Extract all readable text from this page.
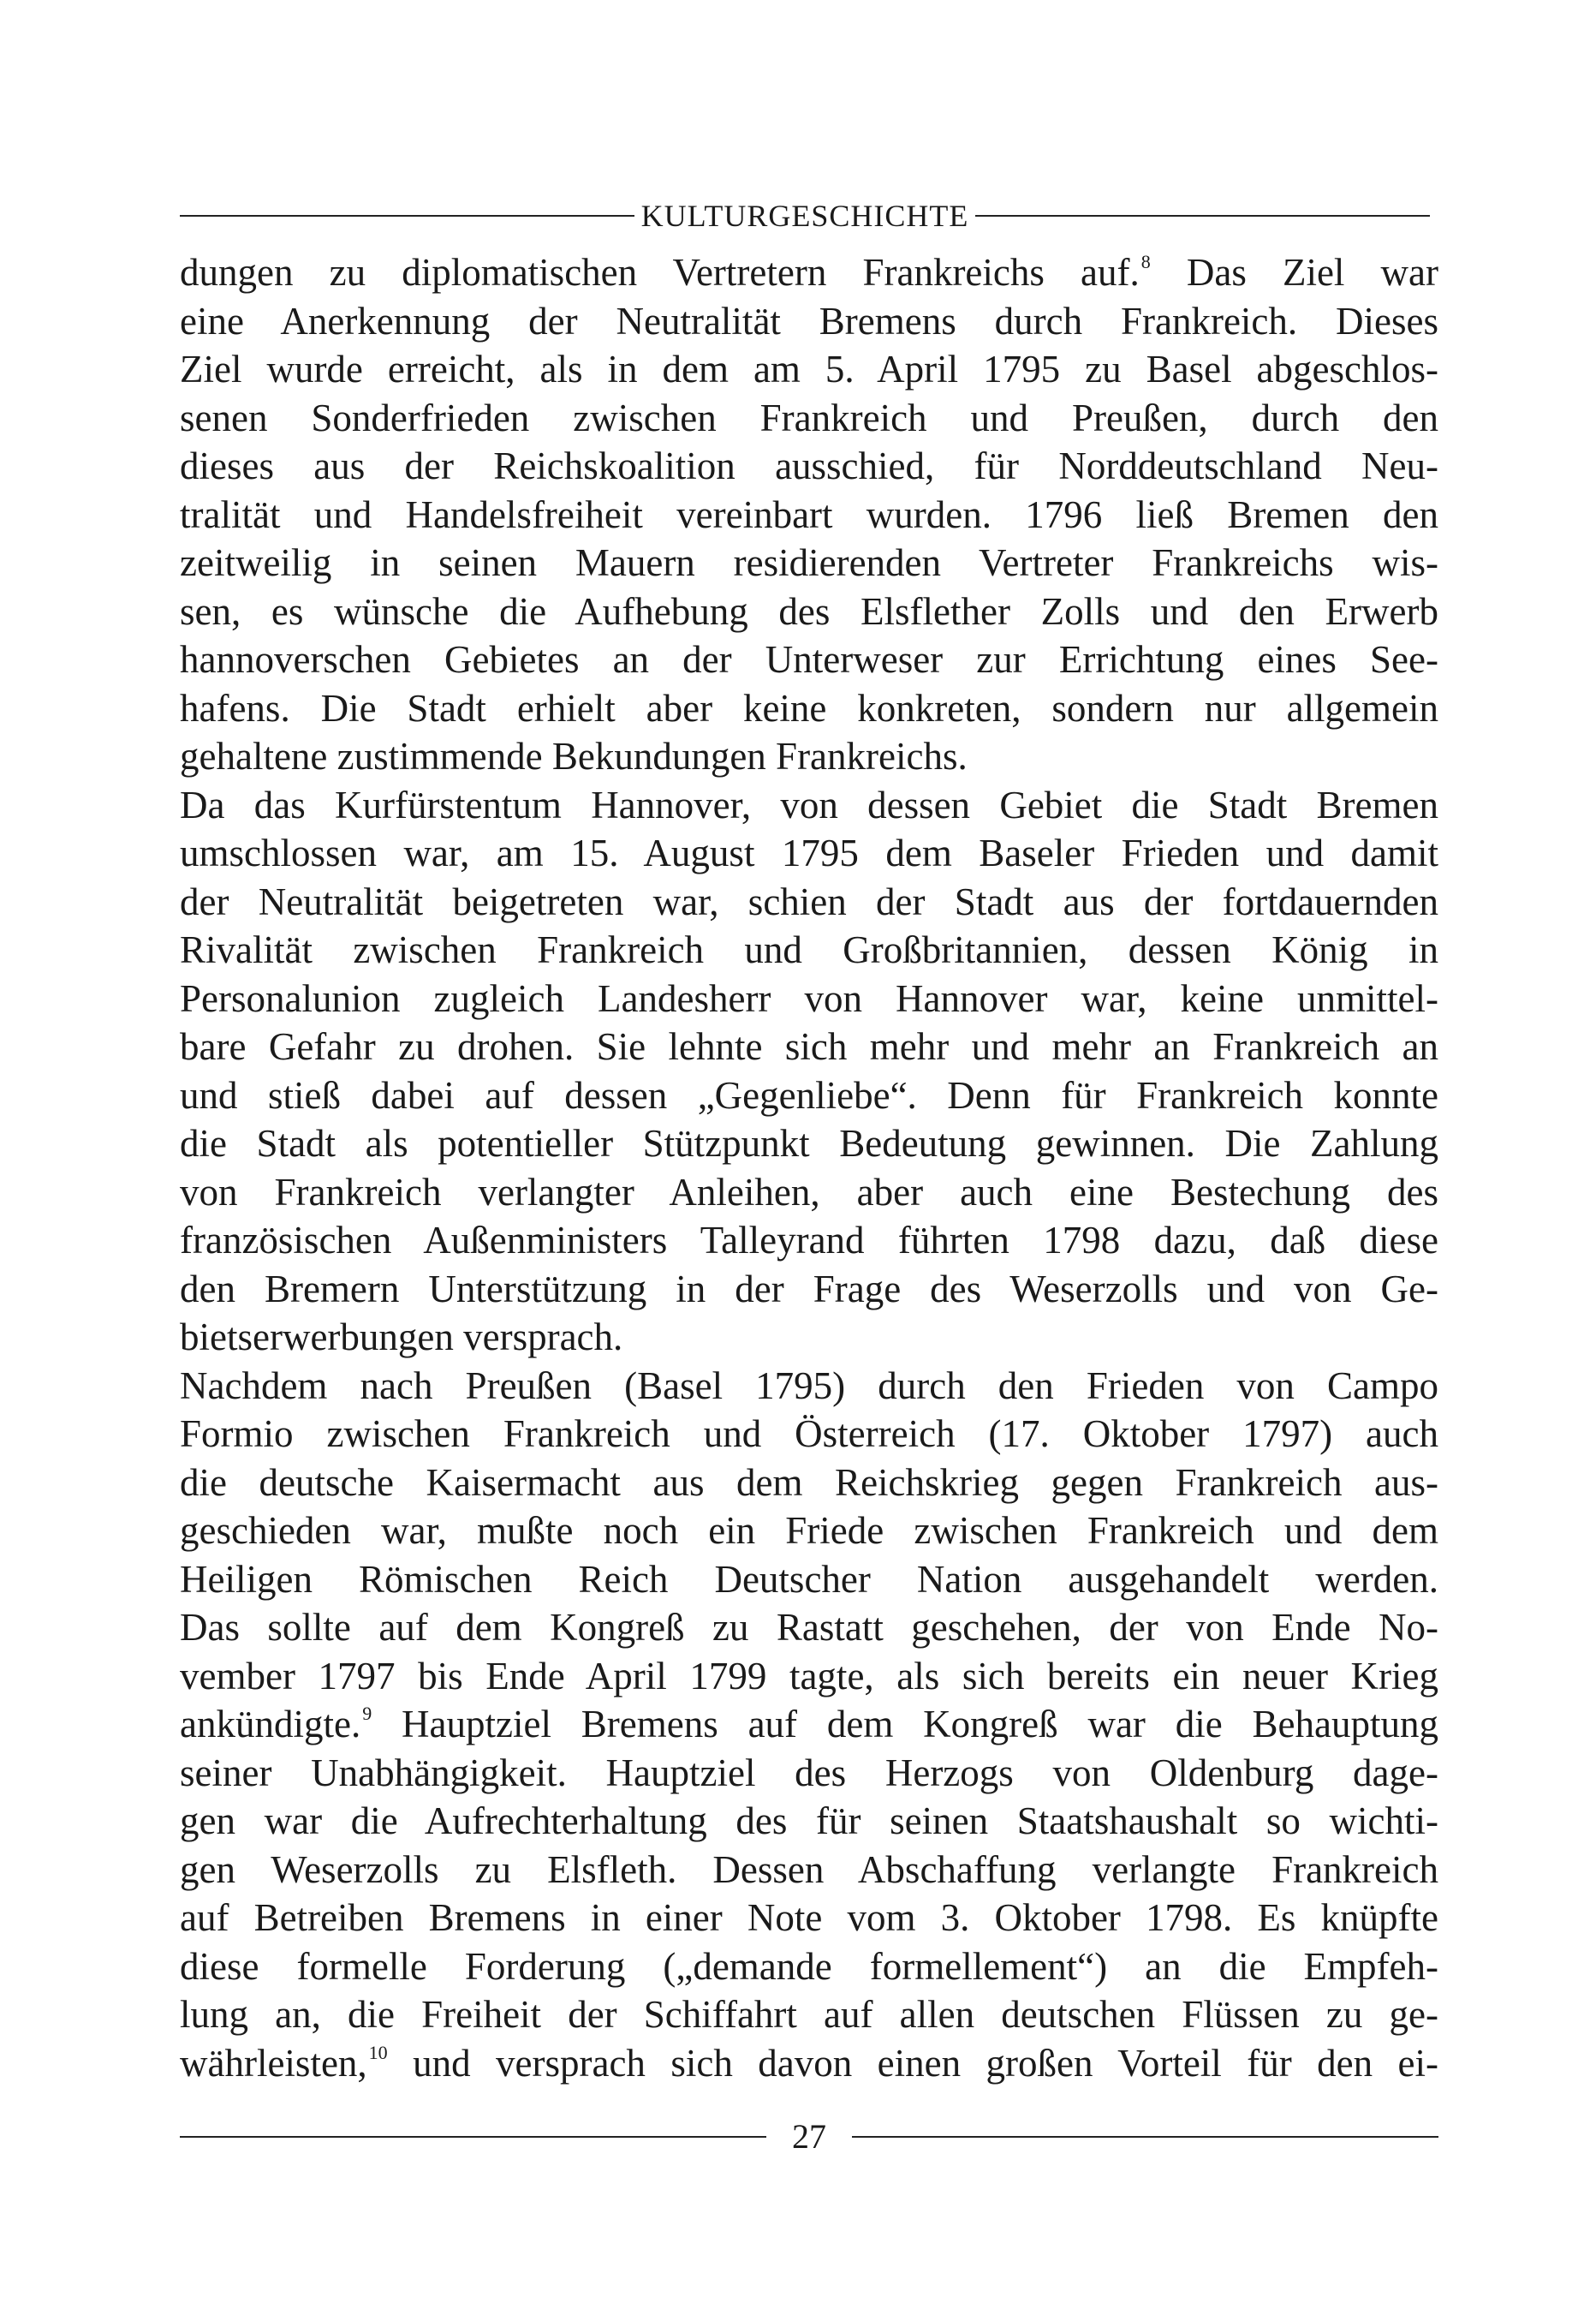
KULTURGESCHICHTE
dungen zu diplomatischen Vertretern Frankreichs auf.$^8$ Das Ziel war
eine Anerkennung der Neutralität Bremens durch Frankreich. Dieses
Ziel wurde erreicht, als in dem am 5. April 1795 zu Basel abgeschlos-
senen Sonderfrieden zwischen Frankreich und Preußen, durch den
dieses aus der Reichskoalition ausschied, für Norddeutschland Neu-
tralität und Handelsfreiheit vereinbart wurden. 1796 ließ Bremen den
zeitweilig in seinen Mauern residierenden Vertreter Frankreichs wis-
sen, es wünsche die Aufhebung des Elsflether Zolls und den Erwerb
hannoverschen Gebietes an der Unterweser zur Errichtung eines See-
hafens. Die Stadt erhielt aber keine konkreten, sondern nur allgemein
gehaltene zustimmende Bekundungen Frankreichs.
Da das Kurfürstentum Hannover, von dessen Gebiet die Stadt Bremen
umschlossen war, am 15. August 1795 dem Baseler Frieden und damit
der Neutralität beigetreten war, schien der Stadt aus der fortdauernden
Rivalität zwischen Frankreich und Großbritannien, dessen König in
Personalunion zugleich Landesherr von Hannover war, keine unmittel-
bare Gefahr zu drohen. Sie lehnte sich mehr und mehr an Frankreich an
und stieß dabei auf dessen „Gegenliebe“. Denn für Frankreich konnte
die Stadt als potentieller Stützpunkt Bedeutung gewinnen. Die Zahlung
von Frankreich verlangter Anleihen, aber auch eine Bestechung des
französischen Außenministers Talleyrand führten 1798 dazu, daß diese
den Bremern Unterstützung in der Frage des Weserzolls und von Ge-
bietserwerbungen versprach.
Nachdem nach Preußen (Basel 1795) durch den Frieden von Campo
Formio zwischen Frankreich und Österreich (17. Oktober 1797) auch
die deutsche Kaisermacht aus dem Reichskrieg gegen Frankreich aus-
geschieden war, mußte noch ein Friede zwischen Frankreich und dem
Heiligen Römischen Reich Deutscher Nation ausgehandelt werden.
Das sollte auf dem Kongreß zu Rastatt geschehen, der von Ende No-
vember 1797 bis Ende April 1799 tagte, als sich bereits ein neuer Krieg
ankündigte.$^9$ Hauptziel Bremens auf dem Kongreß war die Behauptung
seiner Unabhängigkeit. Hauptziel des Herzogs von Oldenburg dage-
gen war die Aufrechterhaltung des für seinen Staatshaushalt so wichti-
gen Weserzolls zu Elsfleth. Dessen Abschaffung verlangte Frankreich
auf Betreiben Bremens in einer Note vom 3. Oktober 1798. Es knüpfte
diese formelle Forderung („demande formellement“) an die Empfeh-
lung an, die Freiheit der Schiffahrt auf allen deutschen Flüssen zu ge-
währleisten,$^{10}$ und versprach sich davon einen großen Vorteil für den ei-
27
